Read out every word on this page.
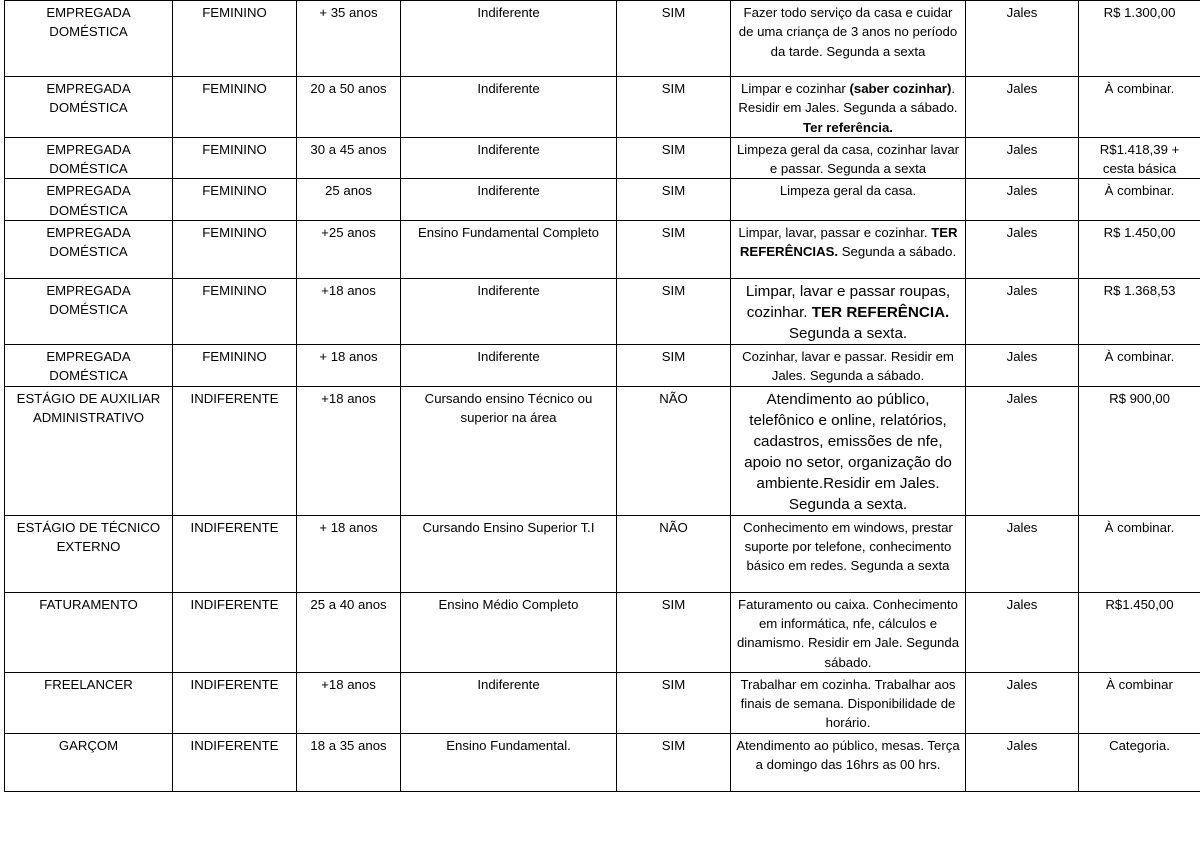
EMPREGADA DOMÉSTICA	FEMININO	+ 35 anos	Indiferente	SIM	Fazer todo serviço da casa e cuidar de uma criança de 3 anos no período da tarde. Segunda a sexta	Jales	R$ 1.300,00
EMPREGADA DOMÉSTICA	FEMININO	20 a 50 anos	Indiferente	SIM	Limpar e cozinhar (saber cozinhar). Residir em Jales. Segunda a sábado. Ter referência.	Jales	À combinar.
EMPREGADA DOMÉSTICA	FEMININO	30 a 45 anos	Indiferente	SIM	Limpeza geral da casa, cozinhar lavar e passar. Segunda a sexta	Jales	R$1.418,39 + cesta básica
EMPREGADA DOMÉSTICA	FEMININO	25 anos	Indiferente	SIM	Limpeza geral da casa.	Jales	À combinar.
EMPREGADA DOMÉSTICA	FEMININO	+25 anos	Ensino Fundamental Completo	SIM	Limpar, lavar, passar e cozinhar. TER REFERÊNCIAS. Segunda a sábado.	Jales	R$ 1.450,00
EMPREGADA DOMÉSTICA	FEMININO	+18 anos	Indiferente	SIM	Limpar, lavar e passar roupas, cozinhar. TER REFERÊNCIA. Segunda a sexta.	Jales	R$ 1.368,53
EMPREGADA DOMÉSTICA	FEMININO	+ 18 anos	Indiferente	SIM	Cozinhar, lavar e passar. Residir em Jales. Segunda a sábado.	Jales	À combinar.
ESTÁGIO DE AUXILIAR ADMINISTRATIVO	INDIFERENTE	+18 anos	Cursando ensino Técnico ou superior na área	NÃO	Atendimento ao público, telefônico e online, relatórios, cadastros, emissões de nfe, apoio no setor, organização do ambiente.Residir em Jales. Segunda a sexta.	Jales	R$ 900,00
ESTÁGIO DE TÉCNICO EXTERNO	INDIFERENTE	+ 18 anos	Cursando Ensino Superior T.I	NÃO	Conhecimento em windows, prestar suporte por telefone, conhecimento básico em redes. Segunda a sexta	Jales	À combinar.
FATURAMENTO	INDIFERENTE	25 a 40 anos	Ensino Médio Completo	SIM	Faturamento ou caixa. Conhecimento em informática, nfe, cálculos e dinamismo. Residir em Jale. Segunda sábado.	Jales	R$1.450,00
FREELANCER	INDIFERENTE	+18 anos	Indiferente	SIM	Trabalhar em cozinha. Trabalhar aos finais de semana. Disponibilidade de horário.	Jales	À combinar
GARÇOM	INDIFERENTE	18 a 35 anos	Ensino Fundamental.	SIM	Atendimento ao público, mesas. Terça a domingo das 16hrs as 00 hrs.	Jales	Categoria.
